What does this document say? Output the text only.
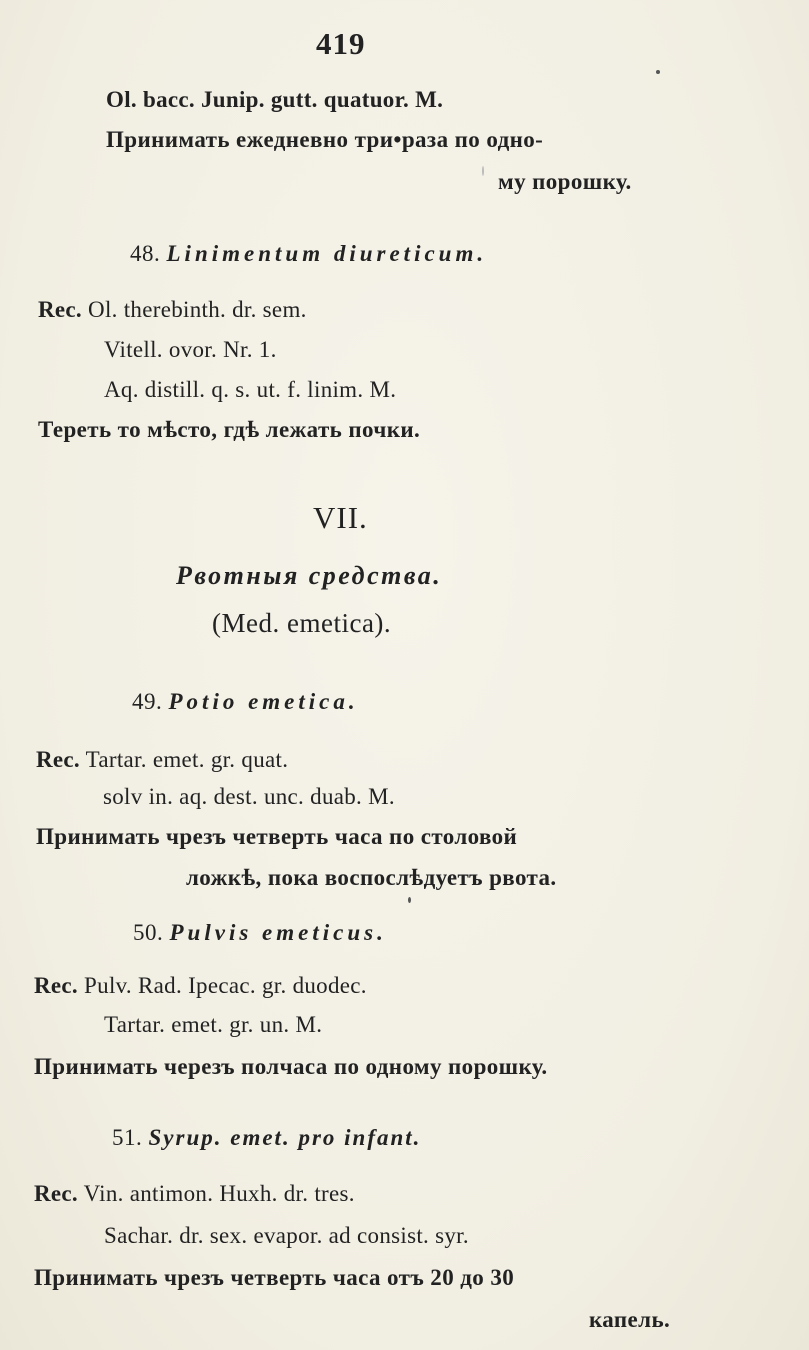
419
Ol. bacc. Junip. gutt. quatuor. M.
Принимать ежедневно три•раза по одно-
му порошку.
48. Linimentum diureticum.
Rec. Ol. therebinth. dr. sem.
Vitell. ovor. Nr. 1.
Aq. distill. q. s. ut. f. linim. M.
Тереть то мѣсто, гдѣ лежать почки.
VII.
Рвотныя средства.
(Med. emetica).
49. Potio emetica.
Rec. Tartar. emet. gr. quat.
solv in. aq. dest. unc. duab. M.
Принимать чрезъ четверть часа по столовой
ложкѣ, пока воспослѣдуетъ рвота.
50. Pulvis emeticus.
Rec. Pulv. Rad. Ipecac. gr. duodec.
Tartar. emet. gr. un. M.
Принимать черезъ полчаса по одному порошку.
51. Syrup. emet. pro infant.
Rec. Vin. antimon. Huxh. dr. tres.
Sachar. dr. sex. evapor. ad consist. syr.
Принимать чрезъ четверть часа отъ 20 до 30
капель.
